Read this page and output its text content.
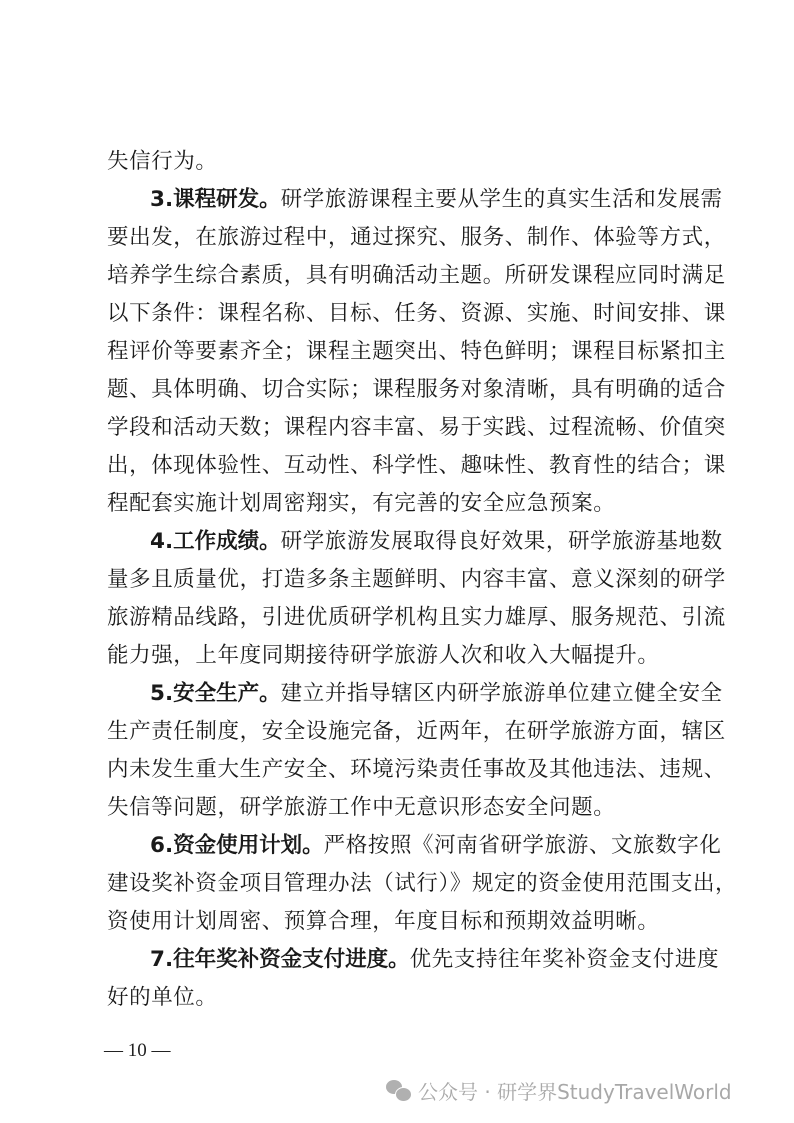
失信行为。
3.课程研发。研学旅游课程主要从学生的真实生活和发展需
要出发，在旅游过程中，通过探究、服务、制作、体验等方式，
培养学生综合素质，具有明确活动主题。所研发课程应同时满足
以下条件：课程名称、目标、任务、资源、实施、时间安排、课
程评价等要素齐全；课程主题突出、特色鲜明；课程目标紧扣主
题、具体明确、切合实际；课程服务对象清晰，具有明确的适合
学段和活动天数；课程内容丰富、易于实践、过程流畅、价值突
出，体现体验性、互动性、科学性、趣味性、教育性的结合；课
程配套实施计划周密翔实，有完善的安全应急预案。
4.工作成绩。研学旅游发展取得良好效果，研学旅游基地数
量多且质量优，打造多条主题鲜明、内容丰富、意义深刻的研学
旅游精品线路，引进优质研学机构且实力雄厚、服务规范、引流
能力强，上年度同期接待研学旅游人次和收入大幅提升。
5.安全生产。建立并指导辖区内研学旅游单位建立健全安全
生产责任制度，安全设施完备，近两年，在研学旅游方面，辖区
内未发生重大生产安全、环境污染责任事故及其他违法、违规、
失信等问题，研学旅游工作中无意识形态安全问题。
6.资金使用计划。严格按照《河南省研学旅游、文旅数字化
建设奖补资金项目管理办法（试行）》规定的资金使用范围支出，
资使用计划周密、预算合理，年度目标和预期效益明晰。
7.往年奖补资金支付进度。优先支持往年奖补资金支付进度
好的单位。
— 10 —
公众号 · 研学界StudyTravelWorld
